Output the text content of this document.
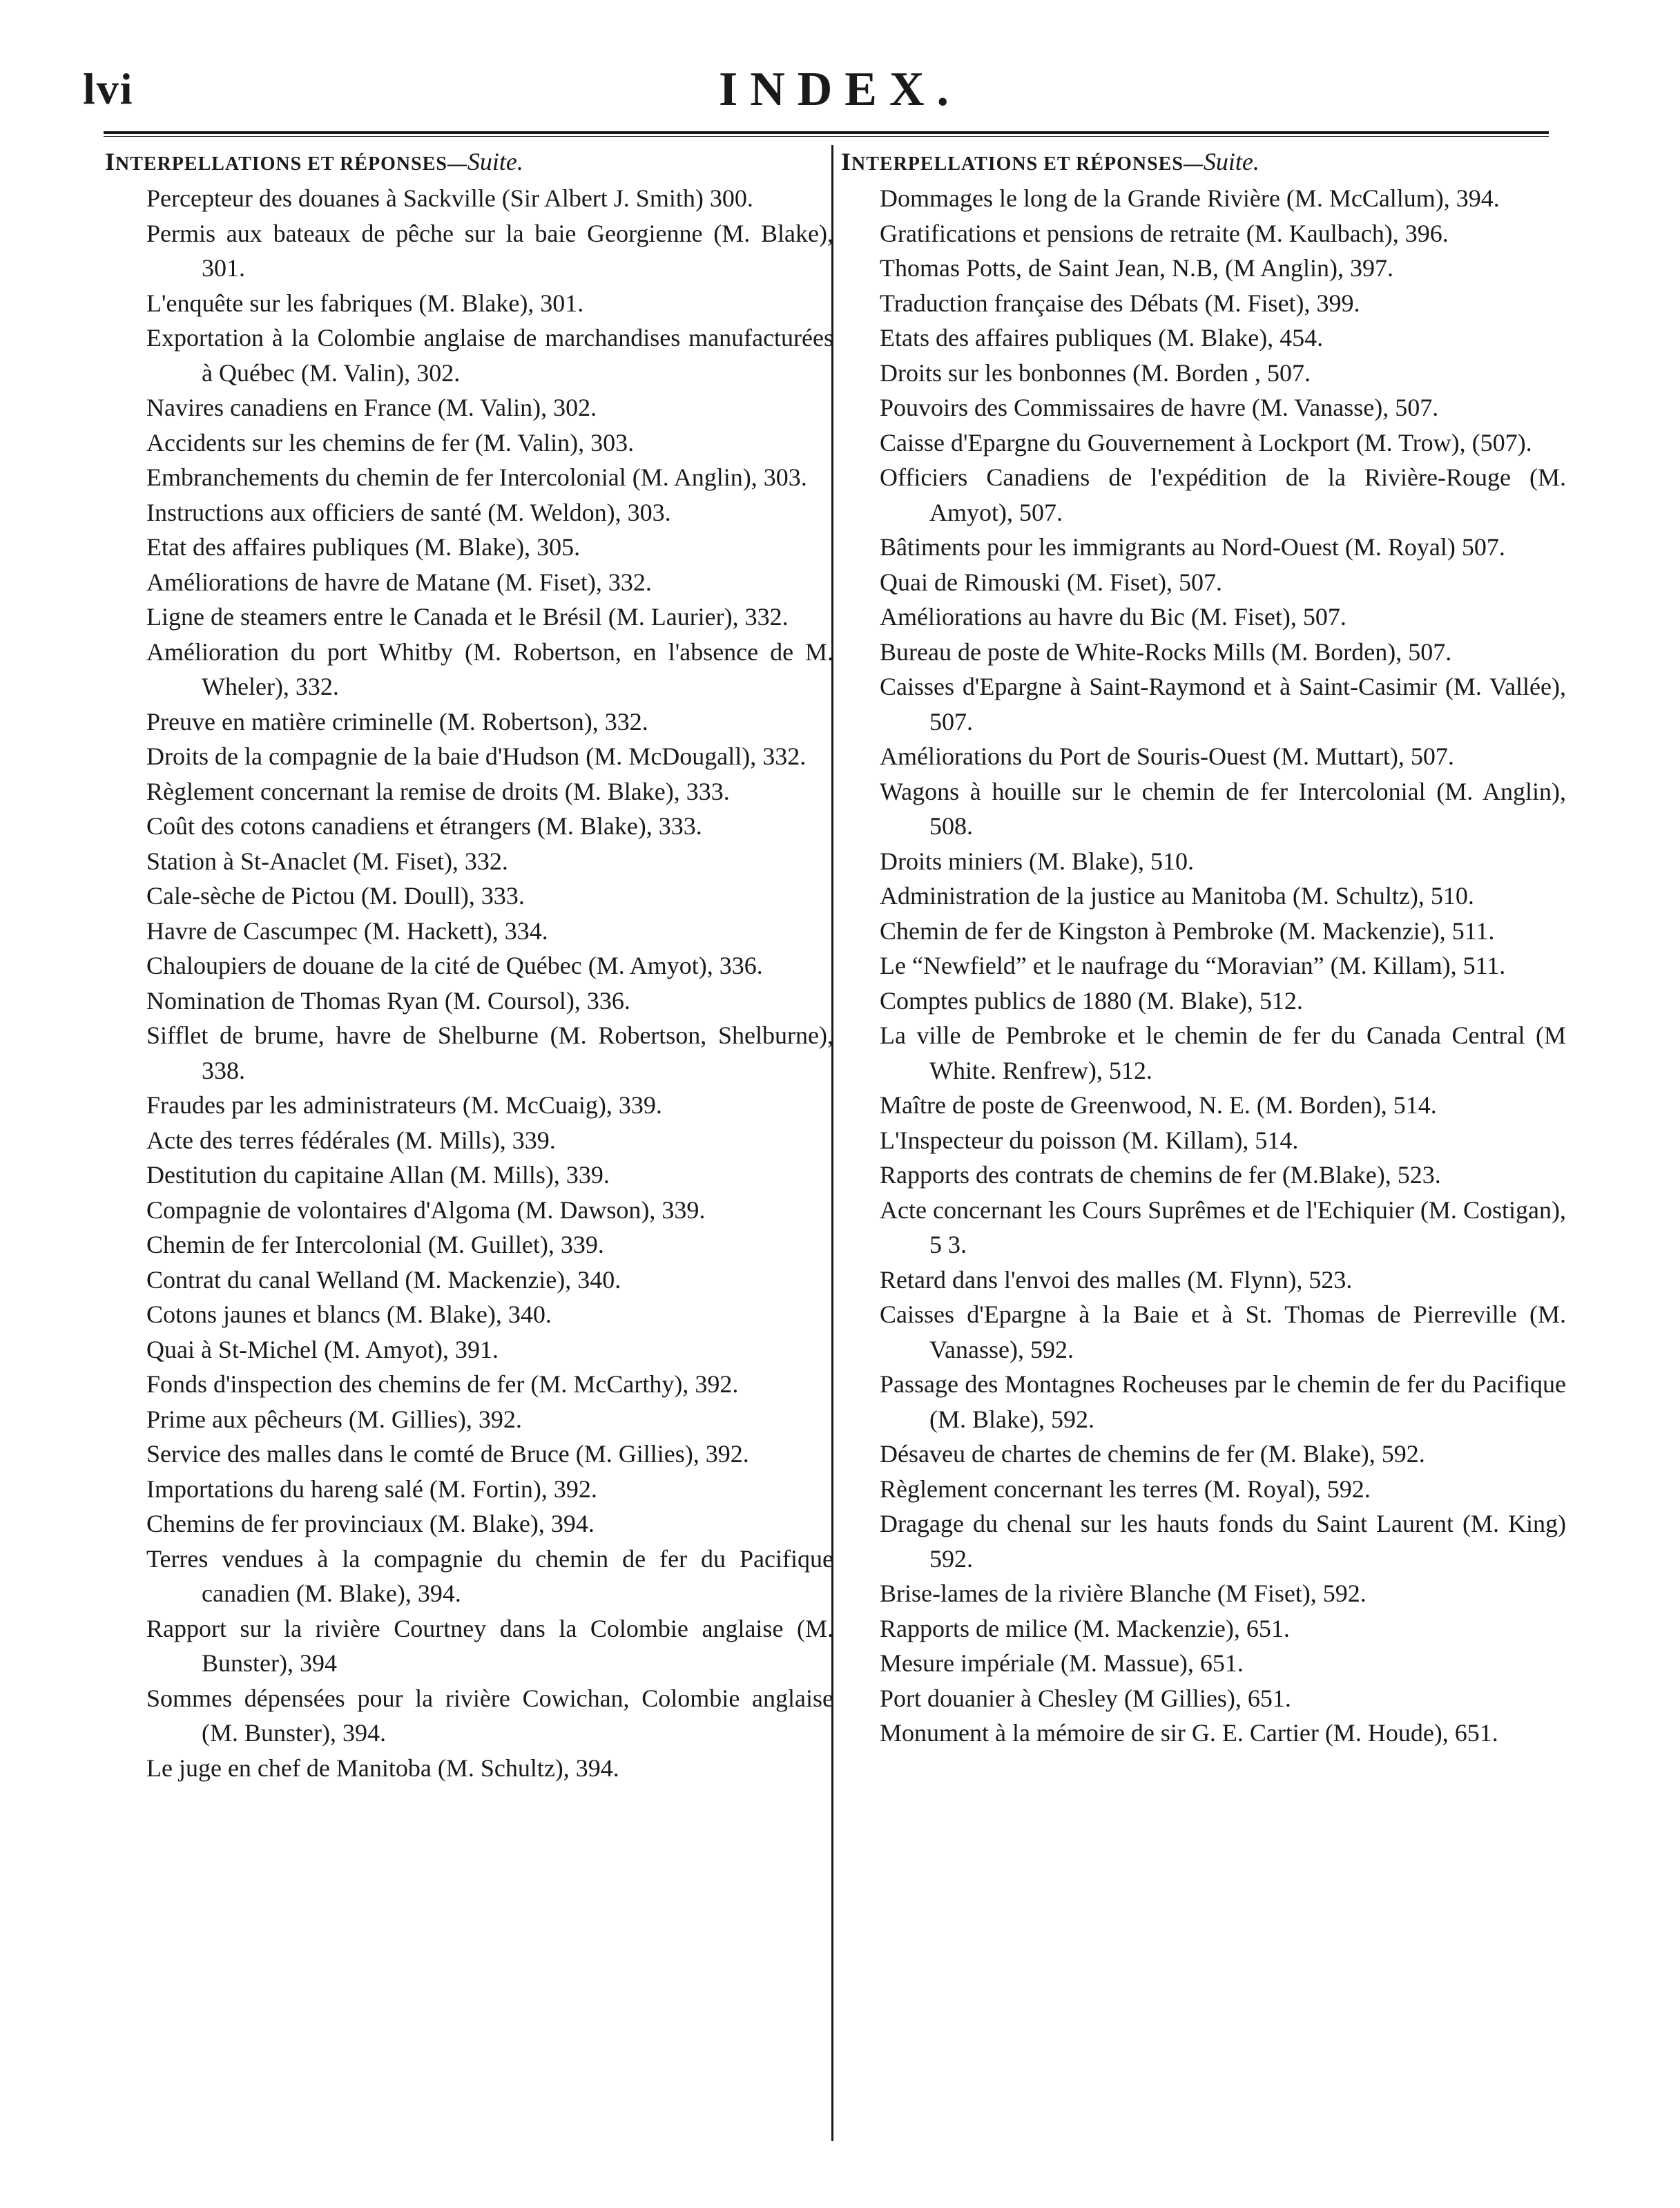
lvi	INDEX.
INTERPELLATIONS ET RÉPONSES—Suite.
Percepteur des douanes à Sackville (Sir Albert J. Smith) 300.
Permis aux bateaux de pêche sur la baie Georgienne (M. Blake), 301.
L'enquête sur les fabriques (M. Blake), 301.
Exportation à la Colombie anglaise de marchandises manufacturées à Québec (M. Valin), 302.
Navires canadiens en France (M. Valin), 302.
Accidents sur les chemins de fer (M. Valin), 303.
Embranchements du chemin de fer Intercolonial (M. Anglin), 303.
Instructions aux officiers de santé (M. Weldon), 303.
Etat des affaires publiques (M. Blake), 305.
Améliorations de havre de Matane (M. Fiset), 332.
Ligne de steamers entre le Canada et le Brésil (M. Laurier), 332.
Amélioration du port Whitby (M. Robertson, en l'absence de M. Wheler), 332.
Preuve en matière criminelle (M. Robertson), 332.
Droits de la compagnie de la baie d'Hudson (M. McDougall), 332.
Règlement concernant la remise de droits (M. Blake), 333.
Coût des cotons canadiens et étrangers (M. Blake), 333.
Station à St-Anaclet (M. Fiset), 332.
Cale-sèche de Pictou (M. Doull), 333.
Havre de Cascumpec (M. Hackett), 334.
Chaloupiers de douane de la cité de Québec (M. Amyot), 336.
Nomination de Thomas Ryan (M. Coursol), 336.
Sifflet de brume, havre de Shelburne (M. Robertson, Shelburne), 338.
Fraudes par les administrateurs (M. McCuaig), 339.
Acte des terres fédérales (M. Mills), 339.
Destitution du capitaine Allan (M. Mills), 339.
Compagnie de volontaires d'Algoma (M. Dawson), 339.
Chemin de fer Intercolonial (M. Guillet), 339.
Contrat du canal Welland (M. Mackenzie), 340.
Cotons jaunes et blancs (M. Blake), 340.
Quai à St-Michel (M. Amyot), 391.
Fonds d'inspection des chemins de fer (M. McCarthy), 392.
Prime aux pêcheurs (M. Gillies), 392.
Service des malles dans le comté de Bruce (M. Gillies), 392.
Importations du hareng salé (M. Fortin), 392.
Chemins de fer provinciaux (M. Blake), 394.
Terres vendues à la compagnie du chemin de fer du Pacifique canadien (M. Blake), 394.
Rapport sur la rivière Courtney dans la Colombie anglaise (M. Bunster), 394
Sommes dépensées pour la rivière Cowichan, Colombie anglaise (M. Bunster), 394.
Le juge en chef de Manitoba (M. Schultz), 394.
INTERPELLATIONS ET RÉPONSES—Suite.
Dommages le long de la Grande Rivière (M. McCallum), 394.
Gratifications et pensions de retraite (M. Kaulbach), 396.
Thomas Potts, de Saint Jean, N.B, (M Anglin), 397.
Traduction française des Débats (M. Fiset), 399.
Etats des affaires publiques (M. Blake), 454.
Droits sur les bonbonnes (M. Borden , 507.
Pouvoirs des Commissaires de havre (M. Vanasse), 507.
Caisse d'Epargne du Gouvernement à Lockport (M. Trow), (507).
Officiers Canadiens de l'expédition de la Rivière-Rouge (M. Amyot), 507.
Bâtiments pour les immigrants au Nord-Ouest (M. Royal) 507.
Quai de Rimouski (M. Fiset), 507.
Améliorations au havre du Bic (M. Fiset), 507.
Bureau de poste de White-Rocks Mills (M. Borden), 507.
Caisses d'Epargne à Saint-Raymond et à Saint-Casimir (M. Vallée), 507.
Améliorations du Port de Souris-Ouest (M. Muttart), 507.
Wagons à houille sur le chemin de fer Intercolonial (M. Anglin), 508.
Droits miniers (M. Blake), 510.
Administration de la justice au Manitoba (M. Schultz), 510.
Chemin de fer de Kingston à Pembroke (M. Mackenzie), 511.
Le “Newfield” et le naufrage du “Moravian” (M. Killam), 511.
Comptes publics de 1880 (M. Blake), 512.
La ville de Pembroke et le chemin de fer du Canada Central (M White. Renfrew), 512.
Maître de poste de Greenwood, N. E. (M. Borden), 514.
L'Inspecteur du poisson (M. Killam), 514.
Rapports des contrats de chemins de fer (M.Blake), 523.
Acte concernant les Cours Suprêmes et de l'Echiquier (M. Costigan), 5 3.
Retard dans l'envoi des malles (M. Flynn), 523.
Caisses d'Epargne à la Baie et à St. Thomas de Pierreville (M. Vanasse), 592.
Passage des Montagnes Rocheuses par le chemin de fer du Pacifique (M. Blake), 592.
Désaveu de chartes de chemins de fer (M. Blake), 592.
Règlement concernant les terres (M. Royal), 592.
Dragage du chenal sur les hauts fonds du Saint Laurent (M. King) 592.
Brise-lames de la rivière Blanche (M Fiset), 592.
Rapports de milice (M. Mackenzie), 651.
Mesure impériale (M. Massue), 651.
Port douanier à Chesley (M Gillies), 651.
Monument à la mémoire de sir G. E. Cartier (M. Houde), 651.
